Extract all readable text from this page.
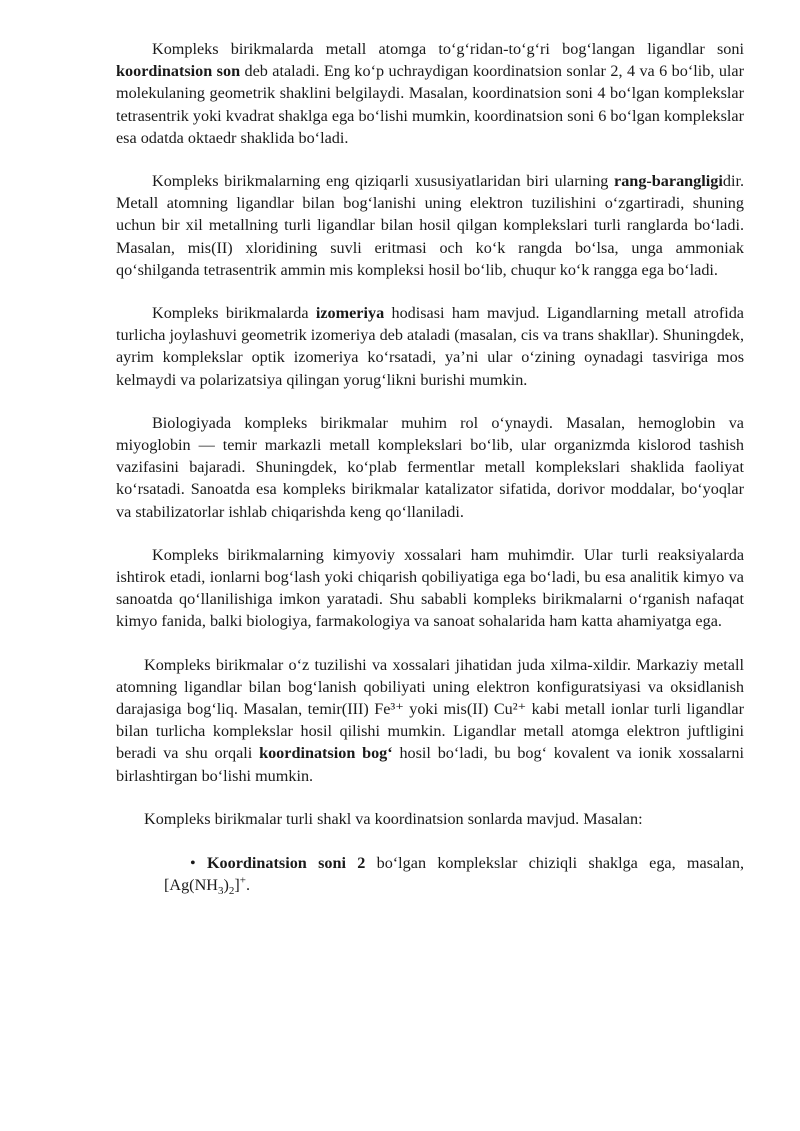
Kompleks birikmalarda metall atomga to‘g‘ridan-to‘g‘ri bog‘langan ligandlar soni koordinatsion son deb ataladi. Eng ko‘p uchraydigan koordinatsion sonlar 2, 4 va 6 bo‘lib, ular molekulaning geometrik shaklini belgilaydi. Masalan, koordinatsion soni 4 bo‘lgan komplekslar tetrasentrik yoki kvadrat shaklga ega bo‘lishi mumkin, koordinatsion soni 6 bo‘lgan komplekslar esa odatda oktaedr shaklida bo‘ladi.

Kompleks birikmalarning eng qiziqarli xususiyatlaridan biri ularning rang-barangligidir. Metall atomning ligandlar bilan bog‘lanishi uning elektron tuzilishini o‘zgartiradi, shuning uchun bir xil metallning turli ligandlar bilan hosil qilgan komplekslari turli ranglarda bo‘ladi. Masalan, mis(II) xloridining suvli eritmasi och ko‘k rangda bo‘lsa, unga ammoniak qo‘shilganda tetrasentrik ammin mis kompleksi hosil bo‘lib, chuqur ko‘k rangga ega bo‘ladi.

Kompleks birikmalarda izomeriya hodisasi ham mavjud. Ligandlarning metall atrofida turlicha joylashuvi geometrik izomeriya deb ataladi (masalan, cis va trans shakllar). Shuningdek, ayrim komplekslar optik izomeriya ko‘rsatadi, ya’ni ular o‘zining oynadagi tasviriga mos kelmaydi va polarizatsiya qilingan yorug‘likni burishi mumkin.

Biologiyada kompleks birikmalar muhim rol o‘ynaydi. Masalan, hemoglobin va miyoglobin — temir markazli metall komplekslari bo‘lib, ular organizmda kislorod tashish vazifasini bajaradi. Shuningdek, ko‘plab fermentlar metall komplekslari shaklida faoliyat ko‘rsatadi. Sanoatda esa kompleks birikmalar katalizator sifatida, dorivor moddalar, bo‘yoqlar va stabilizatorlar ishlab chiqarishda keng qo‘llaniladi.

Kompleks birikmalarning kimyoviy xossalari ham muhimdir. Ular turli reaksiyalarda ishtirok etadi, ionlarni bog‘lash yoki chiqarish qobiliyatiga ega bo‘ladi, bu esa analitik kimyo va sanoatda qo‘llanilishiga imkon yaratadi. Shu sababli kompleks birikmalarni o‘rganish nafaqat kimyo fanida, balki biologiya, farmakologiya va sanoat sohalarida ham katta ahamiyatga ega.

Kompleks birikmalar o‘z tuzilishi va xossalari jihatidan juda xilma-xildir. Markaziy metall atomning ligandlar bilan bog‘lanish qobiliyati uning elektron konfiguratsiyasi va oksidlanish darajasiga bog‘liq. Masalan, temir(III) Fe³⁺ yoki mis(II) Cu²⁺ kabi metall ionlar turli ligandlar bilan turlicha komplekslar hosil qilishi mumkin. Ligandlar metall atomga elektron juftligini beradi va shu orqali koordinatsion bog‘ hosil bo‘ladi, bu bog‘ kovalent va ionik xossalarni birlashtirgan bo‘lishi mumkin.

Kompleks birikmalar turli shakl va koordinatsion sonlarda mavjud. Masalan:

• Koordinatsion soni 2 bo‘lgan komplekslar chiziqli shaklga ega, masalan, $[Ag(NH_3)_2]^+$.
